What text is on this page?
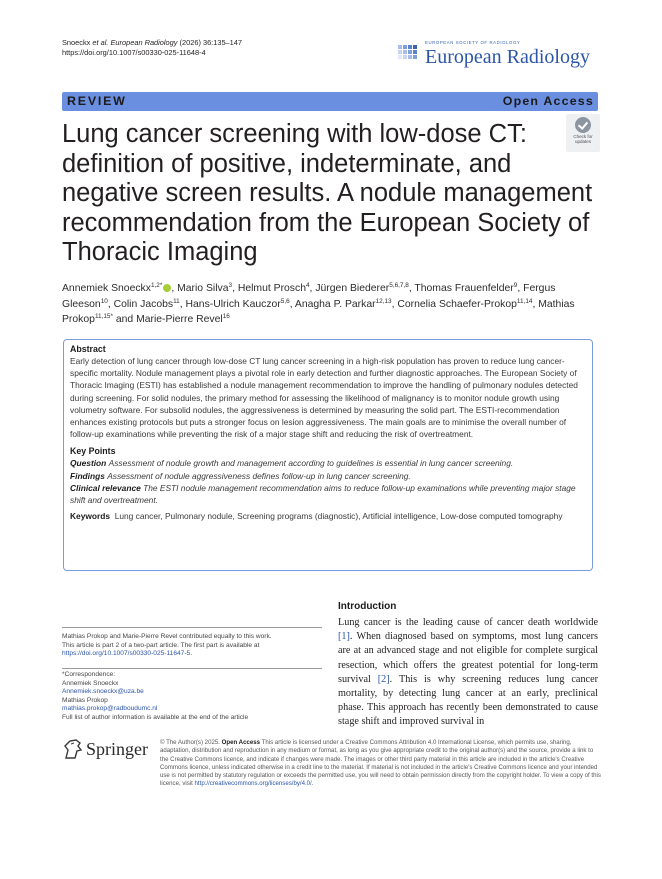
Snoeckx et al. European Radiology (2026) 36:135–147
https://doi.org/10.1007/s00330-025-11648-4
EUROPEAN SOCIETY OF RADIOLOGY
European Radiology
REVIEW	Open Access
Check for
updates
Lung cancer screening with low-dose CT: definition of positive, indeterminate, and negative screen results. A nodule management recommendation from the European Society of Thoracic Imaging
Annemiek Snoeckx$^{1,2*}$ , Mario Silva$^3$, Helmut Prosch$^4$, Jürgen Biederer$^{5,6,7,8}$, Thomas Frauenfelder$^9$, Fergus Gleeson$^{10}$, Colin Jacobs$^{11}$, Hans-Ulrich Kauczor$^{5,6}$, Anagha P. Parkar$^{12,13}$, Cornelia Schaefer-Prokop$^{11,14}$, Mathias Prokop$^{11,15*}$ and Marie-Pierre Revel$^{16}$
Abstract
Early detection of lung cancer through low-dose CT lung cancer screening in a high-risk population has proven to reduce lung cancer-specific mortality. Nodule management plays a pivotal role in early detection and further diagnostic approaches. The European Society of Thoracic Imaging (ESTI) has established a nodule management recommendation to improve the handling of pulmonary nodules detected during screening. For solid nodules, the primary method for assessing the likelihood of malignancy is to monitor nodule growth using volumetry software. For subsolid nodules, the aggressiveness is determined by measuring the solid part. The ESTI-recommendation enhances existing protocols but puts a stronger focus on lesion aggressiveness. The main goals are to minimise the overall number of follow-up examinations while preventing the risk of a major stage shift and reducing the risk of overtreatment.
Key Points
Question Assessment of nodule growth and management according to guidelines is essential in lung cancer screening.
Findings Assessment of nodule aggressiveness defines follow-up in lung cancer screening.
Clinical relevance The ESTI nodule management recommendation aims to reduce follow-up examinations while preventing major stage shift and overtreatment.
Keywords Lung cancer, Pulmonary nodule, Screening programs (diagnostic), Artificial intelligence, Low-dose computed tomography
Mathias Prokop and Marie-Pierre Revel contributed equally to this work.
This article is part 2 of a two-part article. The first part is available at https://doi.org/10.1007/s00330-025-11647-5.
*Correspondence:
Annemiek Snoeckx
Annemiek.snoeckx@uza.be
Mathias Prokop
mathias.prokop@radboudumc.nl
Full list of author information is available at the end of the article
Introduction
Lung cancer is the leading cause of cancer death worldwide [1]. When diagnosed based on symptoms, most lung cancers are at an advanced stage and not eligible for complete surgical resection, which offers the greatest potential for long-term survival [2]. This is why screening reduces lung cancer mortality, by detecting lung cancer at an early, preclinical phase. This approach has recently been demonstrated to cause stage shift and improved survival in
Springer © The Author(s) 2025. Open Access This article is licensed under a Creative Commons Attribution 4.0 International License, which permits use, sharing, adaptation, distribution and reproduction in any medium or format, as long as you give appropriate credit to the original author(s) and the source, provide a link to the Creative Commons licence, and indicate if changes were made. The images or other third party material in this article are included in the article's Creative Commons licence, unless indicated otherwise in a credit line to the material. If material is not included in the article's Creative Commons licence and your intended use is not permitted by statutory regulation or exceeds the permitted use, you will need to obtain permission directly from the copyright holder. To view a copy of this licence, visit http://creativecommons.org/licenses/by/4.0/.
